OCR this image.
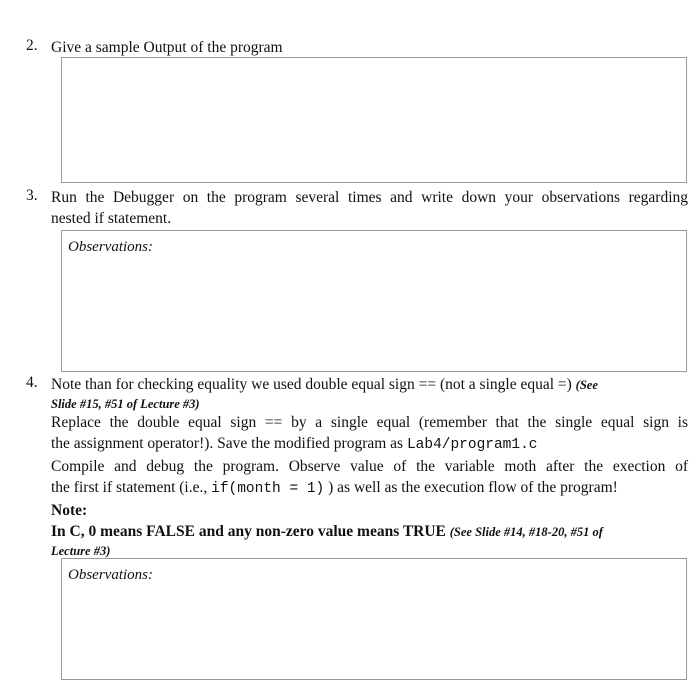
2. Give a sample Output of the program
3. Run the Debugger on the program several times and write down your observations regarding
nested if statement.
Observations:
4. Note than for checking equality we used double equal sign == (not a single equal =) (See
Slide #15, #51 of Lecture #3)
Replace the double equal sign == by a single equal (remember that the single equal sign is
the assignment operator!). Save the modified program as Lab4/program1.c
Compile and debug the program. Observe value of the variable moth after the exection of
the first if statement (i.e., if(month = 1) ) as well as the execution flow of the program!
Note:
In C, 0 means FALSE and any non-zero value means TRUE (See Slide #14, #18-20, #51 of
Lecture #3)
Observations:
